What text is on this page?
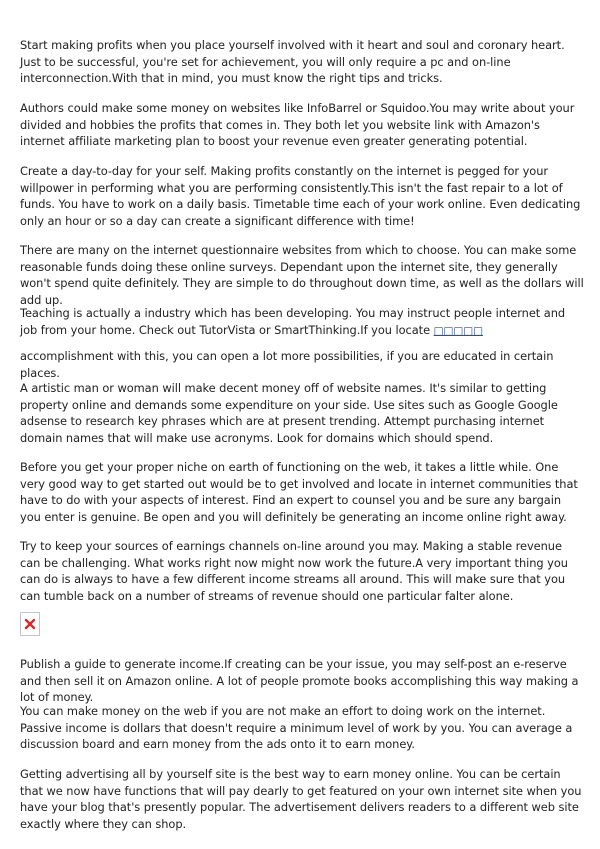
Start making profits when you place yourself involved with it heart and soul and coronary heart. Just to be successful, you're set for achievement, you will only require a pc and on-line interconnection.With that in mind, you must know the right tips and tricks.

Authors could make some money on websites like InfoBarrel or Squidoo.You may write about your divided and hobbies the profits that comes in. They both let you website link with Amazon's internet affiliate marketing plan to boost your revenue even greater generating potential.

Create a day-to-day for your self. Making profits constantly on the internet is pegged for your willpower in performing what you are performing consistently.This isn't the fast repair to a lot of funds. You have to work on a daily basis. Timetable time each of your work online. Even dedicating only an hour or so a day can create a significant difference with time!

There are many on the internet questionnaire websites from which to choose. You can make some reasonable funds doing these online surveys. Dependant upon the internet site, they generally won't spend quite definitely. They are simple to do throughout down time, as well as the dollars will add up.

Teaching is actually a industry which has been developing. You may instruct people internet and job from your home. Check out TutorVista or SmartThinking.If you locate □□□□□

accomplishment with this, you can open a lot more possibilities, if you are educated in certain places.

A artistic man or woman will make decent money off of website names. It's similar to getting property online and demands some expenditure on your side. Use sites such as Google Google adsense to research key phrases which are at present trending. Attempt purchasing internet domain names that will make use acronyms. Look for domains which should spend.

Before you get your proper niche on earth of functioning on the web, it takes a little while. One very good way to get started out would be to get involved and locate in internet communities that have to do with your aspects of interest. Find an expert to counsel you and be sure any bargain you enter is genuine. Be open and you will definitely be generating an income online right away.

Try to keep your sources of earnings channels on-line around you may. Making a stable revenue can be challenging. What works right now might now work the future.A very important thing you can do is always to have a few different income streams all around. This will make sure that you can tumble back on a number of streams of revenue should one particular falter alone.

Publish a guide to generate income.If creating can be your issue, you may self-post an e-reserve and then sell it on Amazon online. A lot of people promote books accomplishing this way making a lot of money.

You can make money on the web if you are not make an effort to doing work on the internet. Passive income is dollars that doesn't require a minimum level of work by you. You can average a discussion board and earn money from the ads onto it to earn money.

Getting advertising all by yourself site is the best way to earn money online. You can be certain that we now have functions that will pay dearly to get featured on your own internet site when you have your blog that's presently popular. The advertisement delivers readers to a different web site exactly where they can shop.
